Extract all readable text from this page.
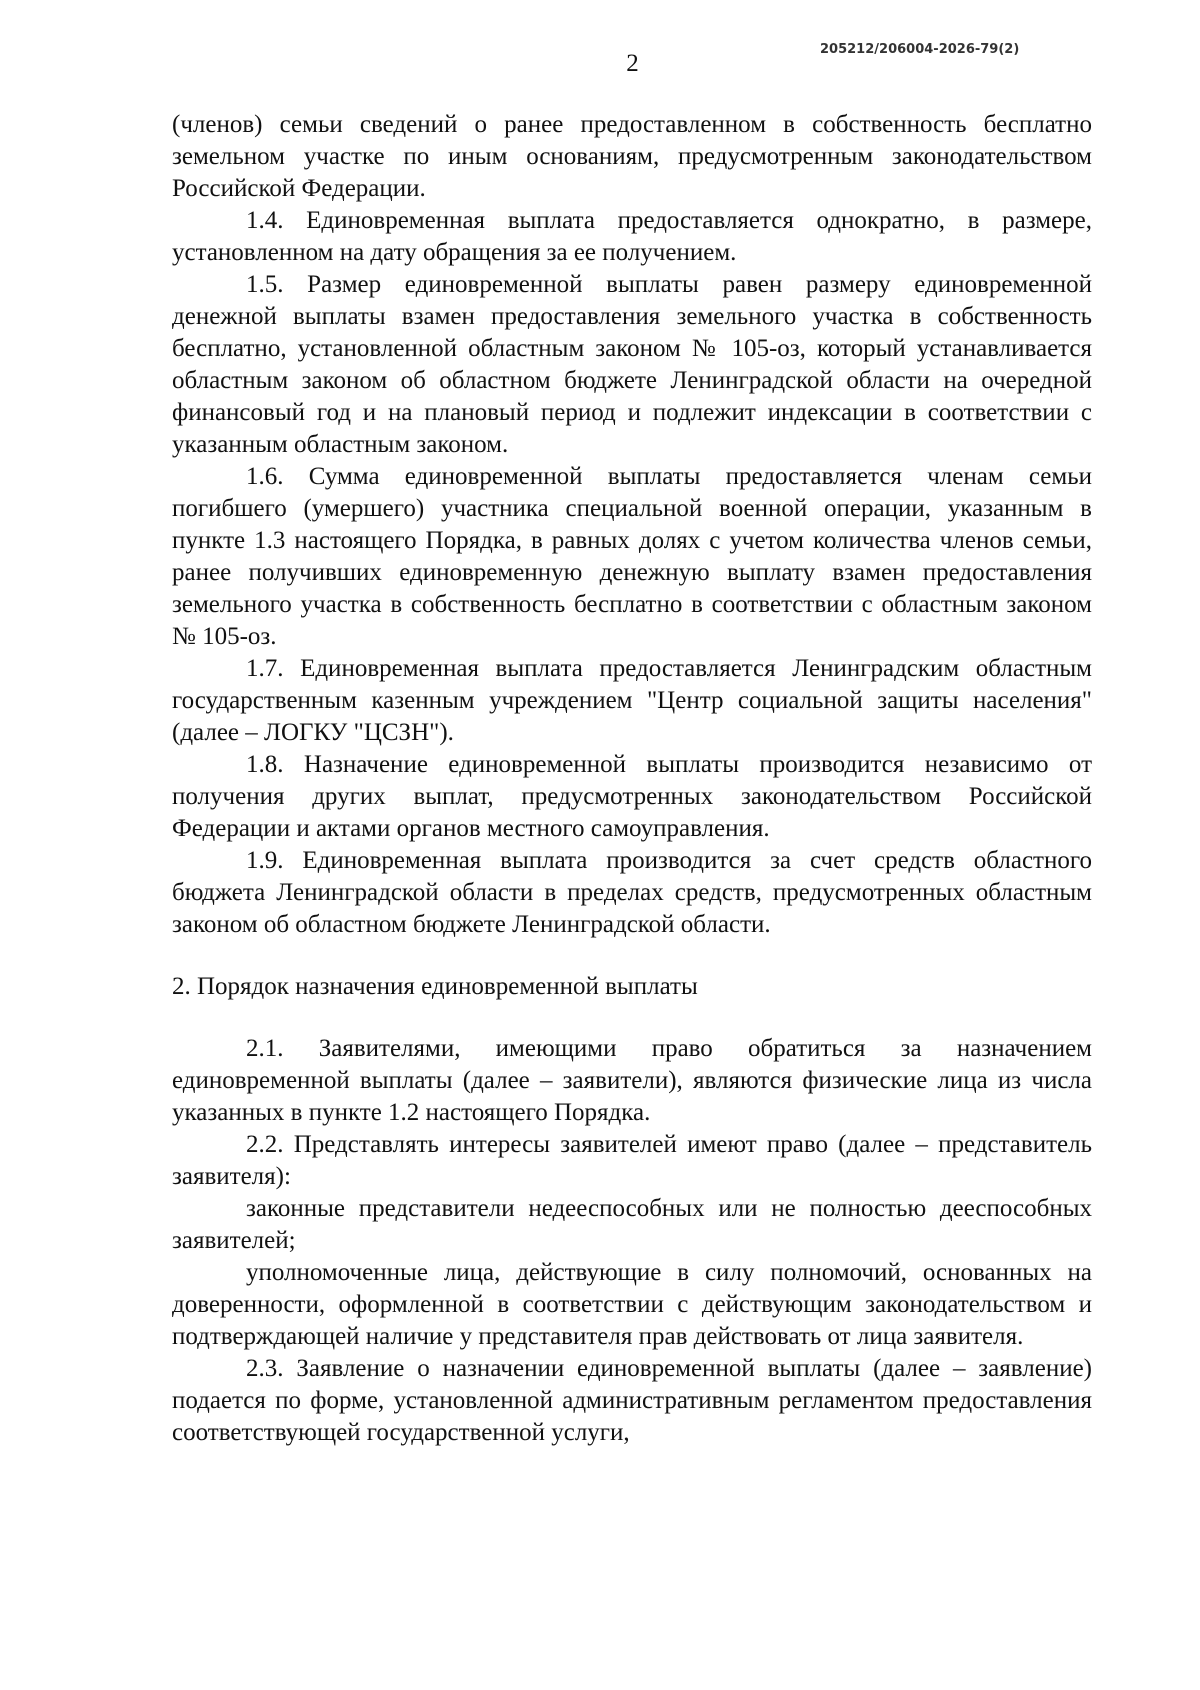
2
205212/206004-2026-79(2)

(членов) семьи сведений о ранее предоставленном в собственность бесплатно земельном участке по иным основаниям, предусмотренным законодательством Российской Федерации.

1.4. Единовременная выплата предоставляется однократно, в размере, установленном на дату обращения за ее получением.

1.5. Размер единовременной выплаты равен размеру единовременной денежной выплаты взамен предоставления земельного участка в собственность бесплатно, установленной областным законом № 105-оз, который устанавливается областным законом об областном бюджете Ленинградской области на очередной финансовый год и на плановый период и подлежит индексации в соответствии с указанным областным законом.

1.6. Сумма единовременной выплаты предоставляется членам семьи погибшего (умершего) участника специальной военной операции, указанным в пункте 1.3 настоящего Порядка, в равных долях с учетом количества членов семьи, ранее получивших единовременную денежную выплату взамен предоставления земельного участка в собственность бесплатно в соответствии с областным законом № 105-оз.

1.7. Единовременная выплата предоставляется Ленинградским областным государственным казенным учреждением "Центр социальной защиты населения" (далее – ЛОГКУ "ЦСЗН").

1.8. Назначение единовременной выплаты производится независимо от получения других выплат, предусмотренных законодательством Российской Федерации и актами органов местного самоуправления.

1.9. Единовременная выплата производится за счет средств областного бюджета Ленинградской области в пределах средств, предусмотренных областным законом об областном бюджете Ленинградской области.

2. Порядок назначения единовременной выплаты

2.1. Заявителями, имеющими право обратиться за назначением единовременной выплаты (далее – заявители), являются физические лица из числа указанных в пункте 1.2 настоящего Порядка.

2.2. Представлять интересы заявителей имеют право (далее – представитель заявителя):

законные представители недееспособных или не полностью дееспособных заявителей;

уполномоченные лица, действующие в силу полномочий, основанных на доверенности, оформленной в соответствии с действующим законодательством и подтверждающей наличие у представителя прав действовать от лица заявителя.

2.3. Заявление о назначении единовременной выплаты (далее – заявление) подается по форме, установленной административным регламентом предоставления соответствующей государственной услуги,
